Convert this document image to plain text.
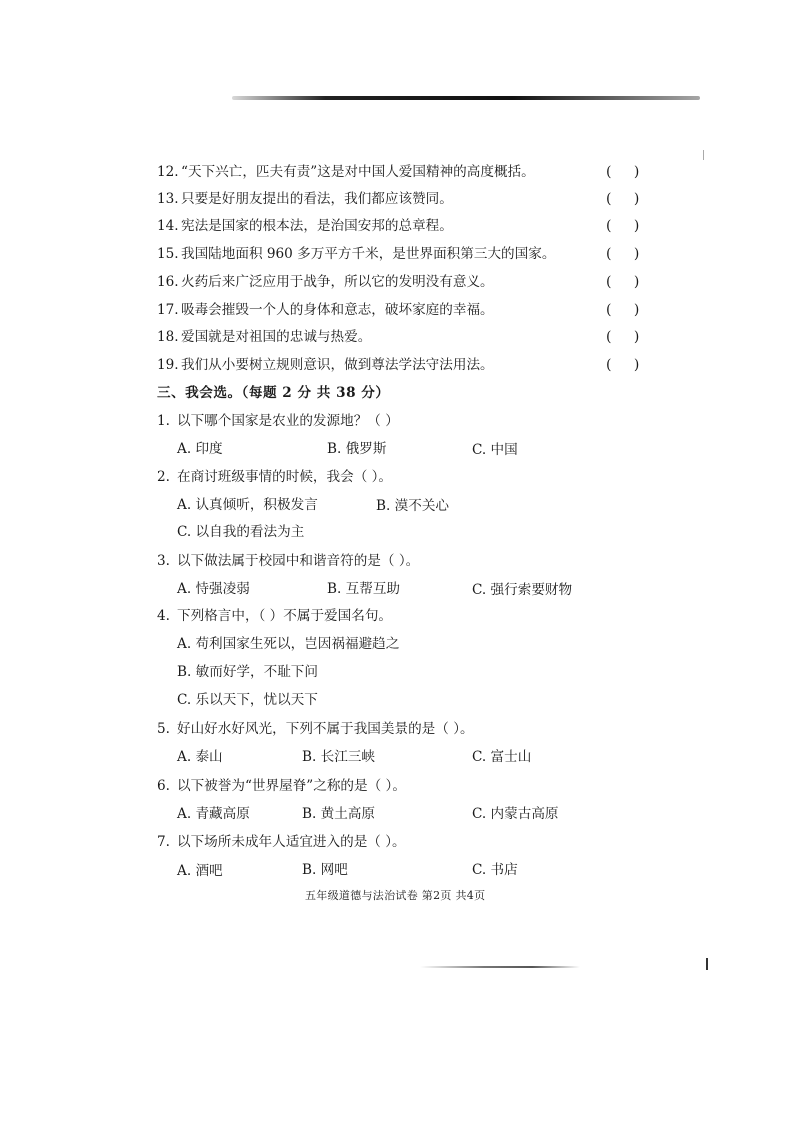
12. “天下兴亡，匹夫有责”这是对中国人爱国精神的高度概括。	( )
13. 只要是好朋友提出的看法，我们都应该赞同。	( )
14. 宪法是国家的根本法，是治国安邦的总章程。	( )
15. 我国陆地面积 960 多万平方千米，是世界面积第三大的国家。	( )
16. 火药后来广泛应用于战争，所以它的发明没有意义。	( )
17. 吸毒会摧毁一个人的身体和意志，破坏家庭的幸福。	( )
18. 爱国就是对祖国的忠诚与热爱。	( )
19. 我们从小要树立规则意识，做到尊法学法守法用法。	( )
三、我会选。（每题 2 分 共 38 分）
1. 以下哪个国家是农业的发源地？（ ）
A. 印度	B. 俄罗斯	C. 中国
2. 在商讨班级事情的时候，我会（ ）。
A. 认真倾听，积极发言	B. 漠不关心
C. 以自我的看法为主
3. 以下做法属于校园中和谐音符的是（ ）。
A. 恃强凌弱	B. 互帮互助	C. 强行索要财物
4. 下列格言中，（ ）不属于爱国名句。
A. 苟利国家生死以，岂因祸福避趋之
B. 敏而好学，不耻下问
C. 乐以天下，忧以天下
5. 好山好水好风光，下列不属于我国美景的是（ ）。
A. 泰山	B. 长江三峡	C. 富士山
6. 以下被誉为“世界屋脊”之称的是（ ）。
A. 青藏高原	B. 黄土高原	C. 内蒙古高原
7. 以下场所未成年人适宜进入的是（ ）。
A. 酒吧	B. 网吧	C. 书店
五年级道德与法治试卷 第2页 共4页
